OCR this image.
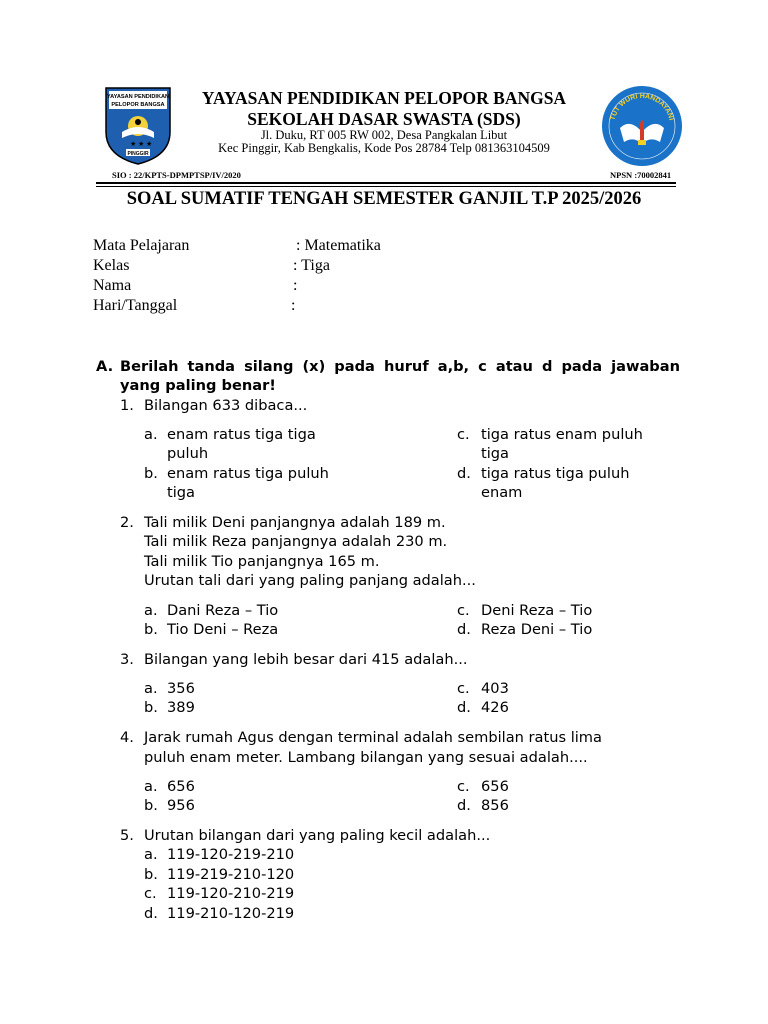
YAYASAN PENDIDIKAN
PELOPOR BANGSA
★ ★ ★
PINGGIR
TUT WURI HANDAYANI
YAYASAN PENDIDIKAN PELOPOR BANGSA
SEKOLAH DASAR SWASTA (SDS)
Jl. Duku, RT 005 RW 002, Desa Pangkalan Libut
Kec Pinggir, Kab Bengkalis, Kode Pos 28784 Telp 081363104509
SIO : 22/KPTS-DPMPTSP/IV/2020	NPSN :70002841
SOAL SUMATIF TENGAH SEMESTER GANJIL T.P 2025/2026
Mata Pelajaran	: Matematika
Kelas	: Tiga
Nama	:
Hari/Tanggal	:
A. Berilah tanda silang (x) pada huruf a,b, c atau d pada jawaban
yang paling benar!
1. Bilangan 633 dibaca...
a. enam ratus tiga tiga
puluh
b. enam ratus tiga puluh
tiga
c. tiga ratus enam puluh
tiga
d. tiga ratus tiga puluh
enam
2. Tali milik Deni panjangnya adalah 189 m.
Tali milik Reza panjangnya adalah 230 m.
Tali milik Tio panjangnya 165 m.
Urutan tali dari yang paling panjang adalah...
a. Dani Reza – Tio
b. Tio Deni – Reza
c. Deni Reza – Tio
d. Reza Deni – Tio
3. Bilangan yang lebih besar dari 415 adalah...
a. 356
b. 389
c. 403
d. 426
4. Jarak rumah Agus dengan terminal adalah sembilan ratus lima
puluh enam meter. Lambang bilangan yang sesuai adalah....
a. 656
b. 956
c. 656
d. 856
5. Urutan bilangan dari yang paling kecil adalah...
a. 119-120-219-210
b. 119-219-210-120
c. 119-120-210-219
d. 119-210-120-219
